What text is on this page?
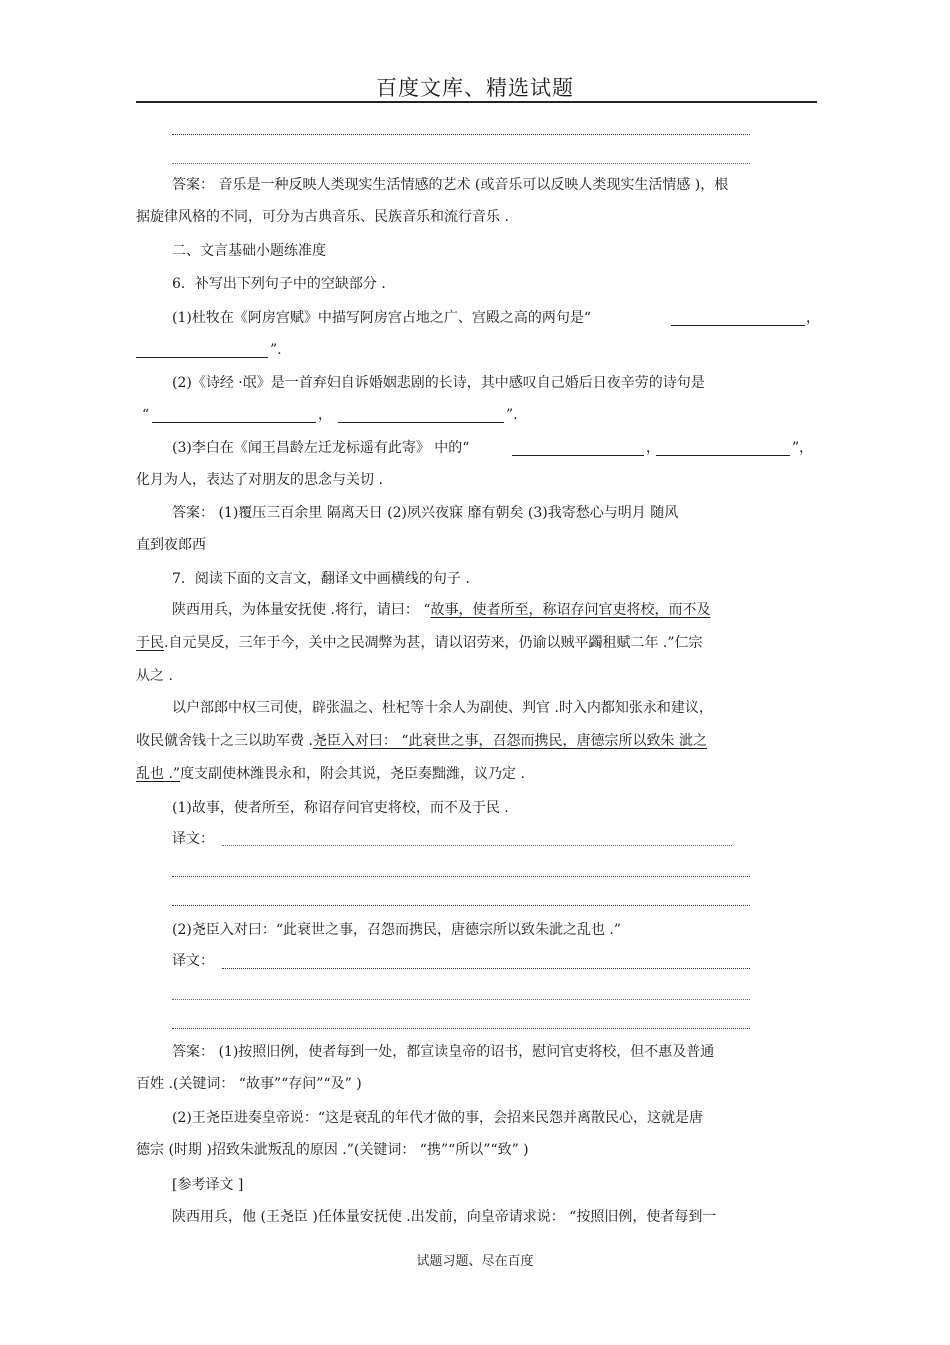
百度文库、精选试题
答案： 音乐是一种反映人类现实生活情感的艺术 (或音乐可以反映人类现实生活情感 )，根
据旋律风格的不同，可分为古典音乐、民族音乐和流行音乐 .
二、文言基础小题练准度
6．补写出下列句子中的空缺部分 .
(1)杜牧在《阿房宫赋》中描写阿房宫占地之广、宫殿之高的两句是“	，
”.
(2)《诗经 ·氓》是一首弃妇自诉婚姻悲剧的长诗，其中感叹自己婚后日夜辛劳的诗句是
“	，	”.
(3)李白在《闻王昌龄左迁龙标遥有此寄》 中的“	，	”，
化月为人，表达了对朋友的思念与关切 .
答案： (1)覆压三百余里 隔离天日 (2)夙兴夜寐 靡有朝矣 (3)我寄愁心与明月 随风
直到夜郎西
7．阅读下面的文言文，翻译文中画横线的句子 .
陕西用兵，为体量安抚使 .将行，请曰： “故事，使者所至，称诏存问官吏将校，而不及
于民.自元昊反，三年于今，关中之民凋弊为甚，请以诏劳来，仍谕以贼平蠲租赋二年 .”仁宗
从之 .
以户部郎中权三司使，辟张温之、杜杞等十余人为副使、判官 .时入内都知张永和建议，
收民僦舍钱十之三以助军费 .尧臣入对曰： “此衰世之事，召怨而携民，唐德宗所以致朱 泚之
乱也 .”度支副使林潍畏永和，附会其说，尧臣奏黜潍，议乃定 .
(1)故事，使者所至，称诏存问官吏将校，而不及于民 .
译文：
(2)尧臣入对曰：“此衰世之事，召怨而携民，唐德宗所以致朱泚之乱也 .”
译文：
答案： (1)按照旧例，使者每到一处，都宣读皇帝的诏书，慰问官吏将校，但不惠及普通
百姓 .(关键词： “故事”“存问”“及” )
(2)王尧臣进奏皇帝说：“这是衰乱的年代才做的事，会招来民怨并离散民心，这就是唐
德宗 (时期 )招致朱泚叛乱的原因 .”(关键词： “携”“所以”“致” )
[参考译文 ]
陕西用兵，他 (王尧臣 )任体量安抚使 .出发前，向皇帝请求说： “按照旧例，使者每到一
试题习题、尽在百度
